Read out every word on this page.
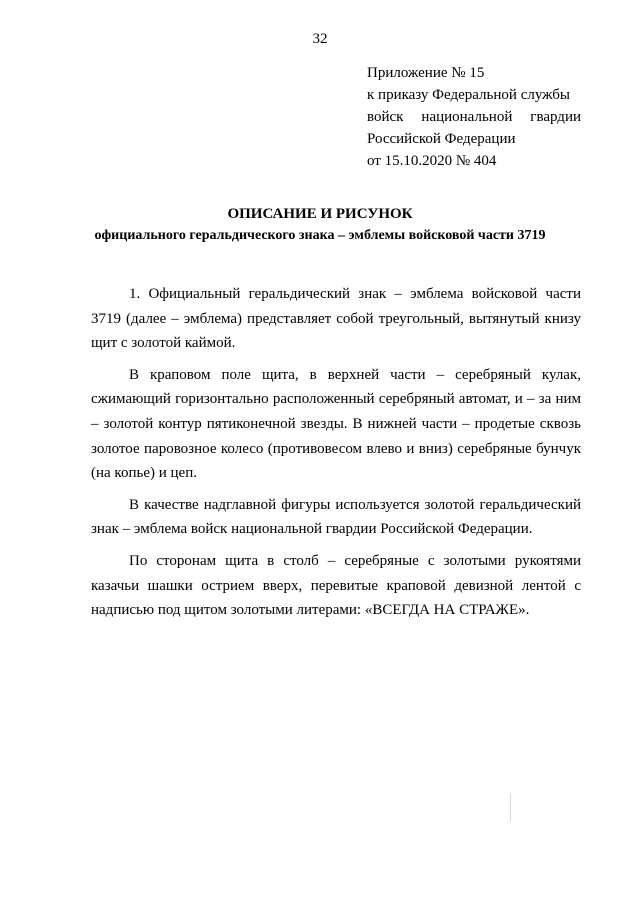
32
Приложение № 15
к приказу Федеральной службы
войск национальной гвардии
Российской Федерации
от 15.10.2020 № 404
ОПИСАНИЕ И РИСУНОК
официального геральдического знака – эмблемы войсковой части 3719

1. Официальный геральдический знак – эмблема войсковой части 3719 (далее – эмблема) представляет собой треугольный, вытянутый книзу щит с золотой каймой.

В краповом поле щита, в верхней части – серебряный кулак, сжимающий горизонтально расположенный серебряный автомат, и – за ним – золотой контур пятиконечной звезды. В нижней части – продетые сквозь золотое паровозное колесо (противовесом влево и вниз) серебряные бунчук (на копье) и цеп.

В качестве надглавной фигуры используется золотой геральдический знак – эмблема войск национальной гвардии Российской Федерации.

По сторонам щита в столб – серебряные с золотыми рукоятями казачьи шашки острием вверх, перевитые краповой девизной лентой с надписью под щитом золотыми литерами: «ВСЕГДА НА СТРАЖЕ».
